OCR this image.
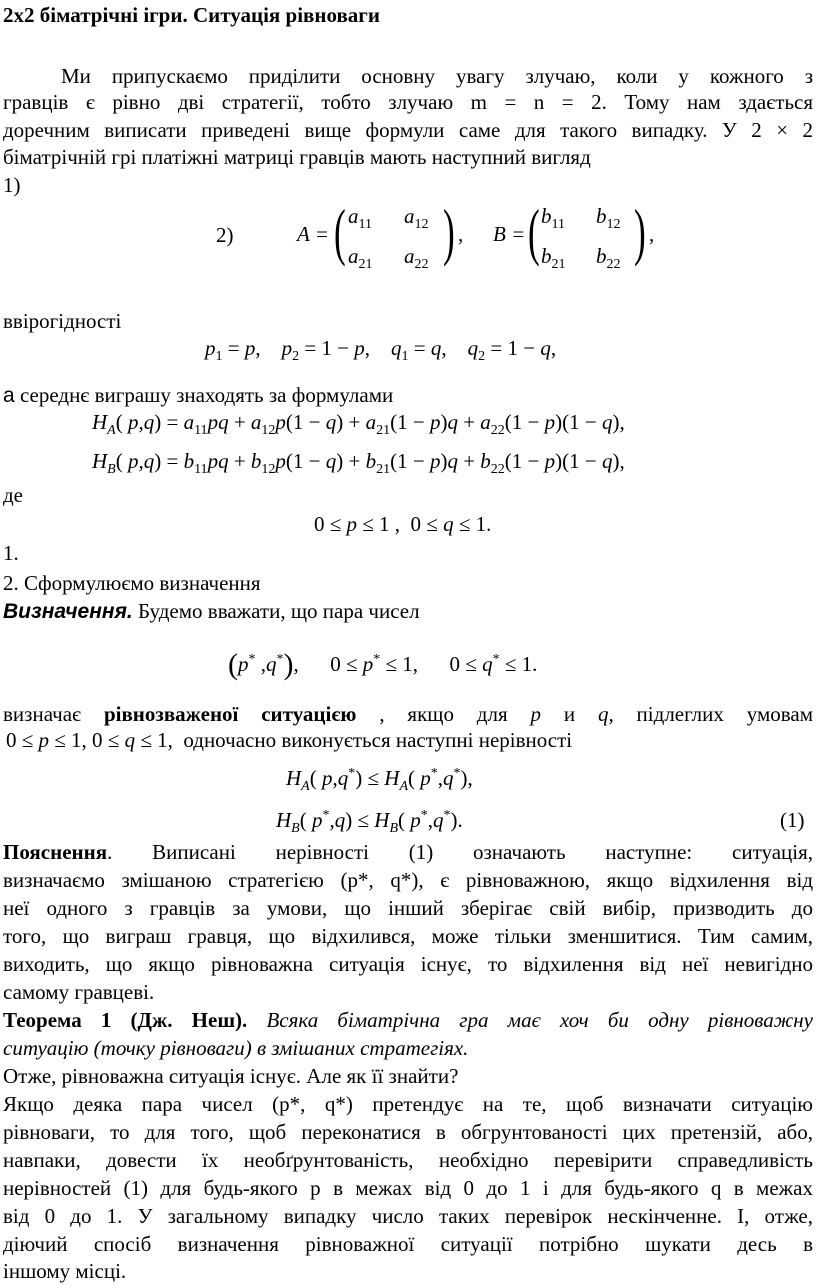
2х2 біматрічні ігри. Ситуація рівноваги
Ми припускаємо приділити основну увагу злучаю, коли у кожного з
гравців є рівно дві стратегії, тобто злучаю m = n = 2. Тому нам здається
доречним виписати приведені вище формули саме для такого випадку. У 2 × 2
біматрічній грі платіжні матриці гравців мають наступний вигляд
1)
2)	A = ( $a_{11}$ $a_{12}$
$a_{21}$ $a_{22}$ ) , B = ( $b_{11}$ $b_{12}$
$b_{21}$ $b_{22}$ ) ,
ввірогідності
$p_1 = p$,    $p_2 = 1 - p$,    $q_1 = q$,    $q_2 = 1 - q$,
а середнє виграшу знаходять за формулами
$H_A$( $p,q) = a_{11}pq + a_{12}p(1 - q) + a_{21}(1 - p)q + a_{22}(1 - p)(1 - q)$,
$H_B$( $p,q) = b_{11}pq + b_{12}p(1 - q) + b_{21}(1 - p)q + b_{22}(1 - p)(1 - q)$,
де
0 ≤ p ≤ 1 ,  0 ≤ q ≤ 1.
1.
2. Сформулюємо визначення
Визначення. Будемо вважати, що пара чисел
(p* ,q*),      0 ≤ p* ≤ 1,      0 ≤ q* ≤ 1.
визначає рівнозваженої ситуацією , якщо для p и q, підлеглих умовам
0 ≤ p ≤ 1, 0 ≤ q ≤ 1,  одночасно виконується наступні нерівності
$H_A$( $p,q^*) \le H_A$( p*,q*),
$H_B$( $p^*,q) \le H_B$( p*,q*).	(1)
Пояснення. Виписані нерівності (1) означають наступне: ситуація,
визначаємо змішаною стратегією (p*, q*), є рівноважною, якщо відхилення від
неї одного з гравців за умови, що інший зберігає свій вибір, призводить до
того, що виграш гравця, що відхилився, може тільки зменшитися. Тим самим,
виходить, що якщо рівноважна ситуація існує, то відхилення від неї невигідно
самому гравцеві.
Теорема 1 (Дж. Неш). Всяка біматрічна гра має хоч би одну рівноважну
ситуацію (точку рівноваги) в змішаних стратегіях.
Отже, рівноважна ситуація існує. Але як її знайти?
Якщо деяка пара чисел (p*, q*) претендує на те, щоб визначати ситуацію
рівноваги, то для того, щоб переконатися в обгрунтованості цих претензій, або,
навпаки, довести їх необґрунтованість, необхідно перевірити справедливість
нерівностей (1) для будь-якого p в межах від 0 до 1 і для будь-якого q в межах
від 0 до 1. У загальному випадку число таких перевірок нескінченне. І, отже,
діючий спосіб визначення рівноважної ситуації потрібно шукати десь в
іншому місці.
